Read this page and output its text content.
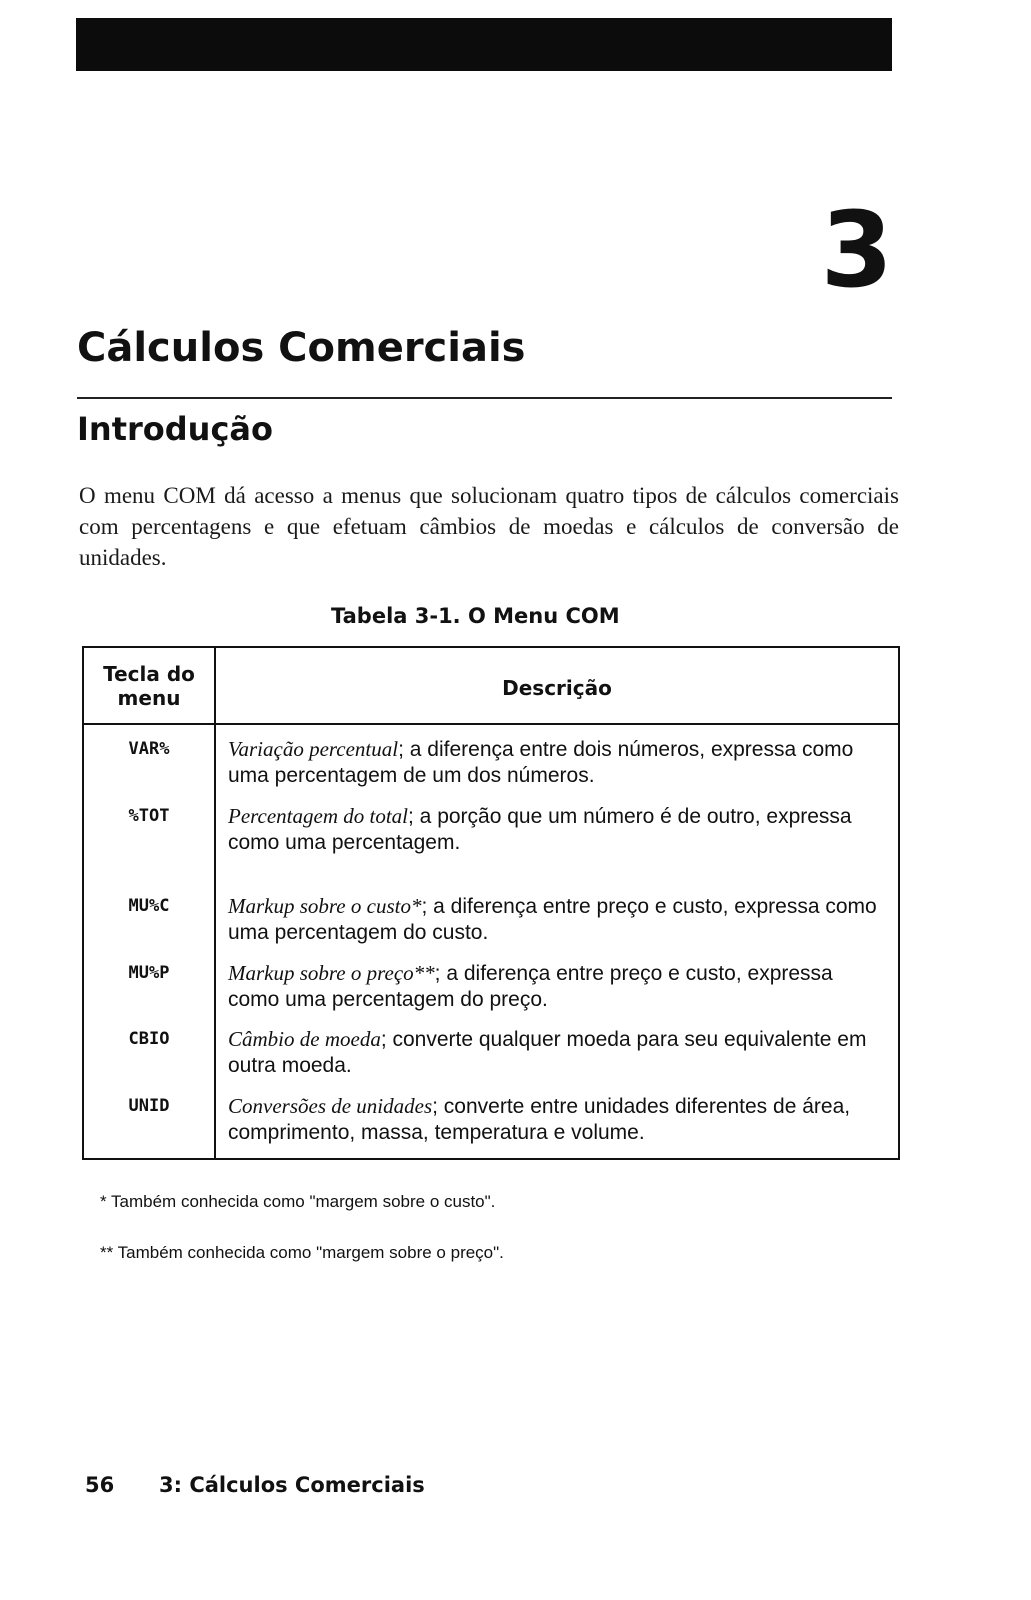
3
Cálculos Comerciais
Introdução

O menu COM dá acesso a menus que solucionam quatro tipos de cálculos comerciais com percentagens e que efetuam câmbios de moedas e cálculos de conversão de unidades.

Tabela 3-1. O Menu COM
Tecla do menu	Descrição
VAR%	Variação percentual; a diferença entre dois números, expressa como uma percentagem de um dos números.
%TOT	Percentagem do total; a porção que um número é de outro, expressa como uma percentagem.
MU%C	Markup sobre o custo*; a diferença entre preço e custo, expressa como uma percentagem do custo.
MU%P	Markup sobre o preço**; a diferença entre preço e custo, expressa como uma percentagem do preço.
CBIO	Câmbio de moeda; converte qualquer moeda para seu equivalente em outra moeda.
UNID	Conversões de unidades; converte entre unidades diferentes de área, comprimento, massa, temperatura e volume.
* Também conhecida como "margem sobre o custo".
** Também conhecida como "margem sobre o preço".
56 3: Cálculos Comerciais
